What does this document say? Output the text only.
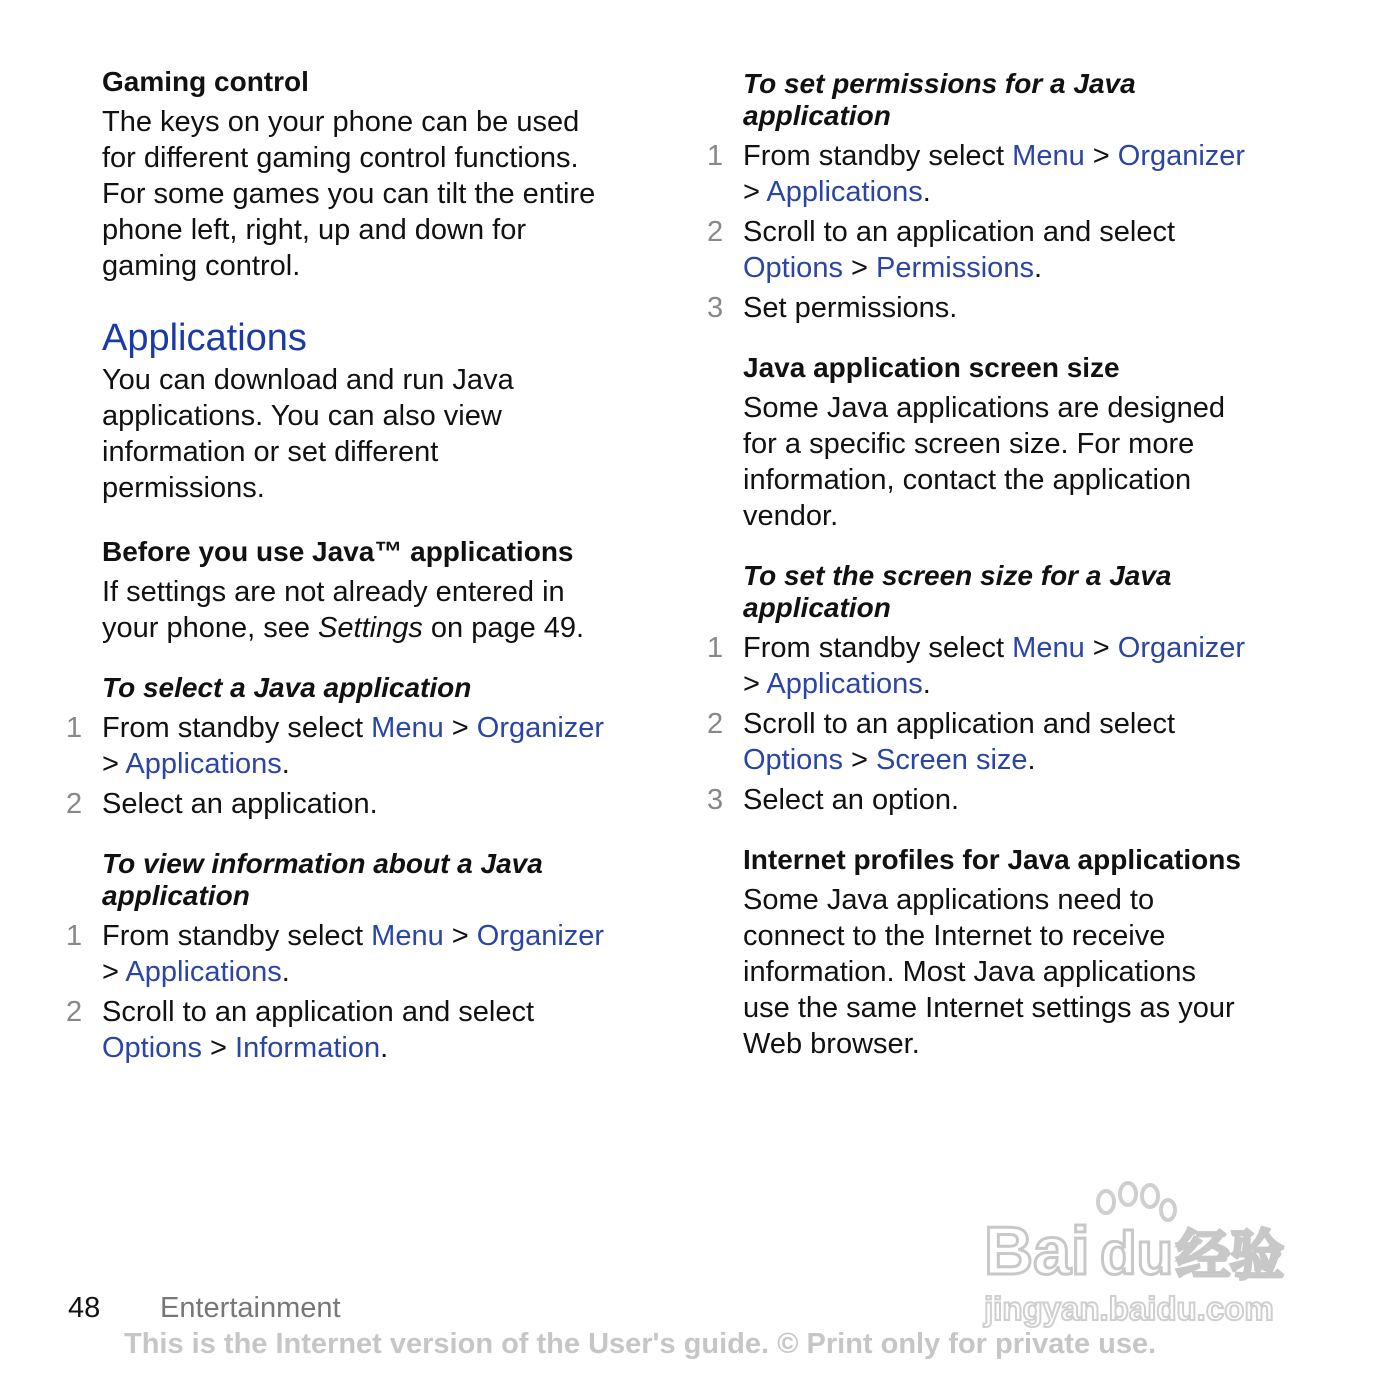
Gaming control

The keys on your phone can be used
for different gaming control functions.
For some games you can tilt the entire
phone left, right, up and down for
gaming control.

Applications

You can download and run Java
applications. You can also view
information or set different
permissions.

Before you use Java™ applications

If settings are not already entered in
your phone, see Settings on page 49.

To select a Java application

1 From standby select Menu > Organizer
> Applications.

2 Select an application.

To view information about a Java
application

1 From standby select Menu > Organizer
> Applications.

2 Scroll to an application and select
Options > Information.

To set permissions for a Java
application

1 From standby select Menu > Organizer
> Applications.

2 Scroll to an application and select
Options > Permissions.

3 Set permissions.

Java application screen size

Some Java applications are designed
for a specific screen size. For more
information, contact the application
vendor.

To set the screen size for a Java
application

1 From standby select Menu > Organizer
> Applications.

2 Scroll to an application and select
Options > Screen size.

3 Select an option.

Internet profiles for Java applications

Some Java applications need to
connect to the Internet to receive
information. Most Java applications
use the same Internet settings as your
Web browser.

Bai du 经验
jingyan.baidu.com
48 Entertainment
This is the Internet version of the User's guide. © Print only for private use.
